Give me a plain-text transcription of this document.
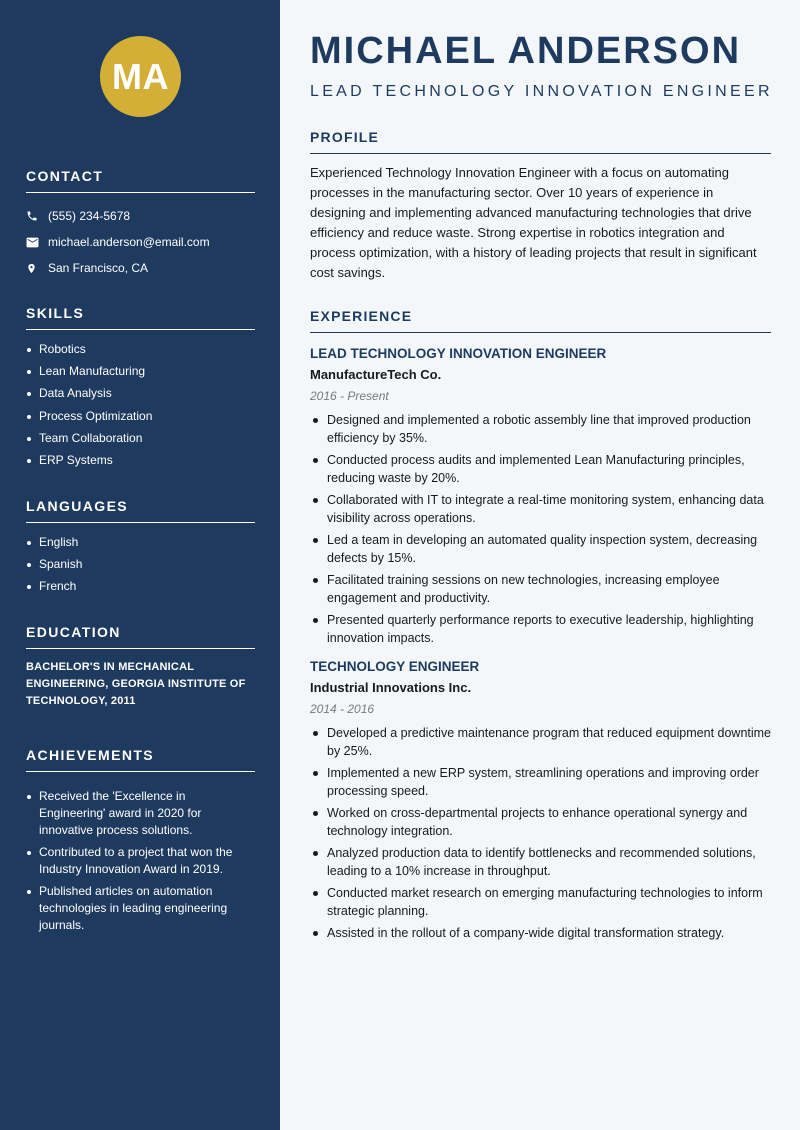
MA
CONTACT
(555) 234-5678
michael.anderson@email.com
San Francisco, CA
SKILLS
Robotics
Lean Manufacturing
Data Analysis
Process Optimization
Team Collaboration
ERP Systems
LANGUAGES
English
Spanish
French
EDUCATION

BACHELOR'S IN MECHANICAL ENGINEERING, GEORGIA INSTITUTE OF TECHNOLOGY, 2011

ACHIEVEMENTS
Received the 'Excellence in Engineering' award in 2020 for innovative process solutions.
Contributed to a project that won the Industry Innovation Award in 2019.
Published articles on automation technologies in leading engineering journals.
MICHAEL ANDERSON
LEAD TECHNOLOGY INNOVATION ENGINEER
PROFILE

Experienced Technology Innovation Engineer with a focus on automating processes in the manufacturing sector. Over 10 years of experience in designing and implementing advanced manufacturing technologies that drive efficiency and reduce waste. Strong expertise in robotics integration and process optimization, with a history of leading projects that result in significant cost savings.

EXPERIENCE
LEAD TECHNOLOGY INNOVATION ENGINEER
ManufactureTech Co.
2016 - Present
Designed and implemented a robotic assembly line that improved production efficiency by 35%.
Conducted process audits and implemented Lean Manufacturing principles, reducing waste by 20%.
Collaborated with IT to integrate a real-time monitoring system, enhancing data visibility across operations.
Led a team in developing an automated quality inspection system, decreasing defects by 15%.
Facilitated training sessions on new technologies, increasing employee engagement and productivity.
Presented quarterly performance reports to executive leadership, highlighting innovation impacts.
TECHNOLOGY ENGINEER
Industrial Innovations Inc.
2014 - 2016
Developed a predictive maintenance program that reduced equipment downtime by 25%.
Implemented a new ERP system, streamlining operations and improving order processing speed.
Worked on cross-departmental projects to enhance operational synergy and technology integration.
Analyzed production data to identify bottlenecks and recommended solutions, leading to a 10% increase in throughput.
Conducted market research on emerging manufacturing technologies to inform strategic planning.
Assisted in the rollout of a company-wide digital transformation strategy.
